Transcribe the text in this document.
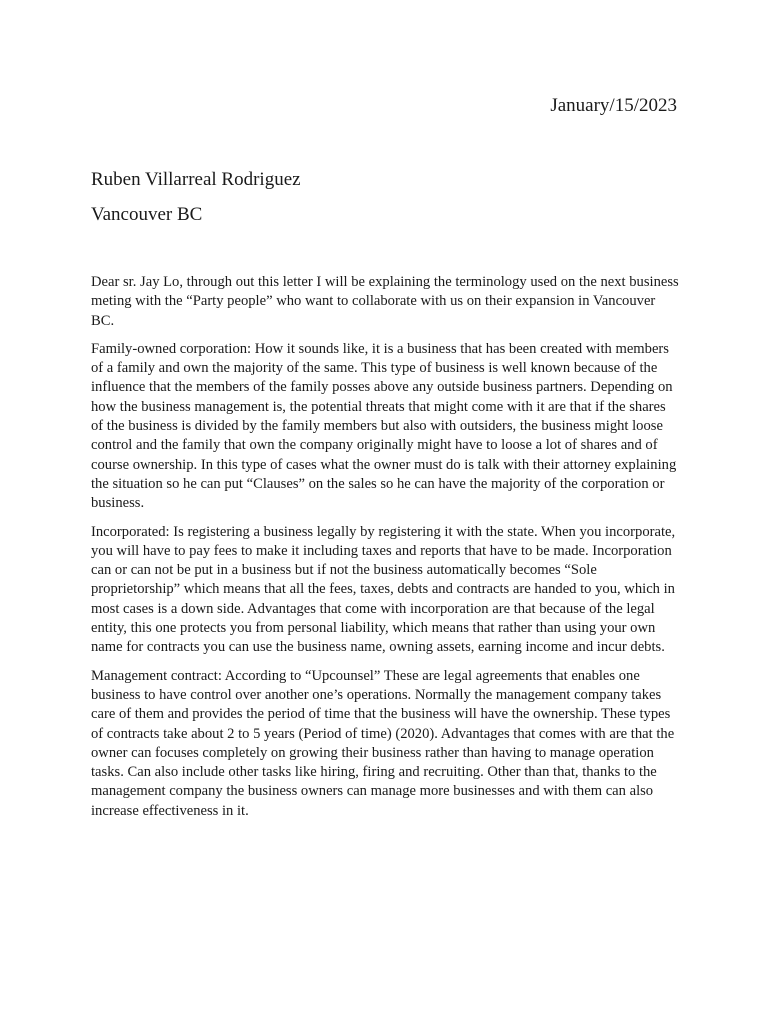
January/15/2023
Ruben Villarreal Rodriguez
Vancouver BC

Dear sr. Jay Lo, through out this letter I will be explaining the terminology used on the next business meting with the “Party people” who want to collaborate with us on their expansion in Vancouver BC.

Family-owned corporation: How it sounds like, it is a business that has been created with members of a family and own the majority of the same. This type of business is well known because of the influence that the members of the family posses above any outside business partners. Depending on how the business management is, the potential threats that might come with it are that if the shares of the business is divided by the family members but also with outsiders, the business might loose control and the family that own the company originally might have to loose a lot of shares and of course ownership. In this type of cases what the owner must do is talk with their attorney explaining the situation so he can put “Clauses” on the sales so he can have the majority of the corporation or business.

Incorporated: Is registering a business legally by registering it with the state. When you incorporate, you will have to pay fees to make it including taxes and reports that have to be made. Incorporation can or can not be put in a business but if not the business automatically becomes “Sole proprietorship” which means that all the fees, taxes, debts and contracts are handed to you, which in most cases is a down side. Advantages that come with incorporation are that because of the legal entity, this one protects you from personal liability, which means that rather than using your own name for contracts you can use the business name, owning assets, earning income and incur debts.

Management contract: According to “Upcounsel” These are legal agreements that enables one business to have control over another one’s operations. Normally the management company takes care of them and provides the period of time that the business will have the ownership. These types of contracts take about 2 to 5 years (Period of time) (2020). Advantages that comes with are that the owner can focuses completely on growing their business rather than having to manage operation tasks. Can also include other tasks like hiring, firing and recruiting. Other than that, thanks to the management company the business owners can manage more businesses and with them can also increase effectiveness in it.
